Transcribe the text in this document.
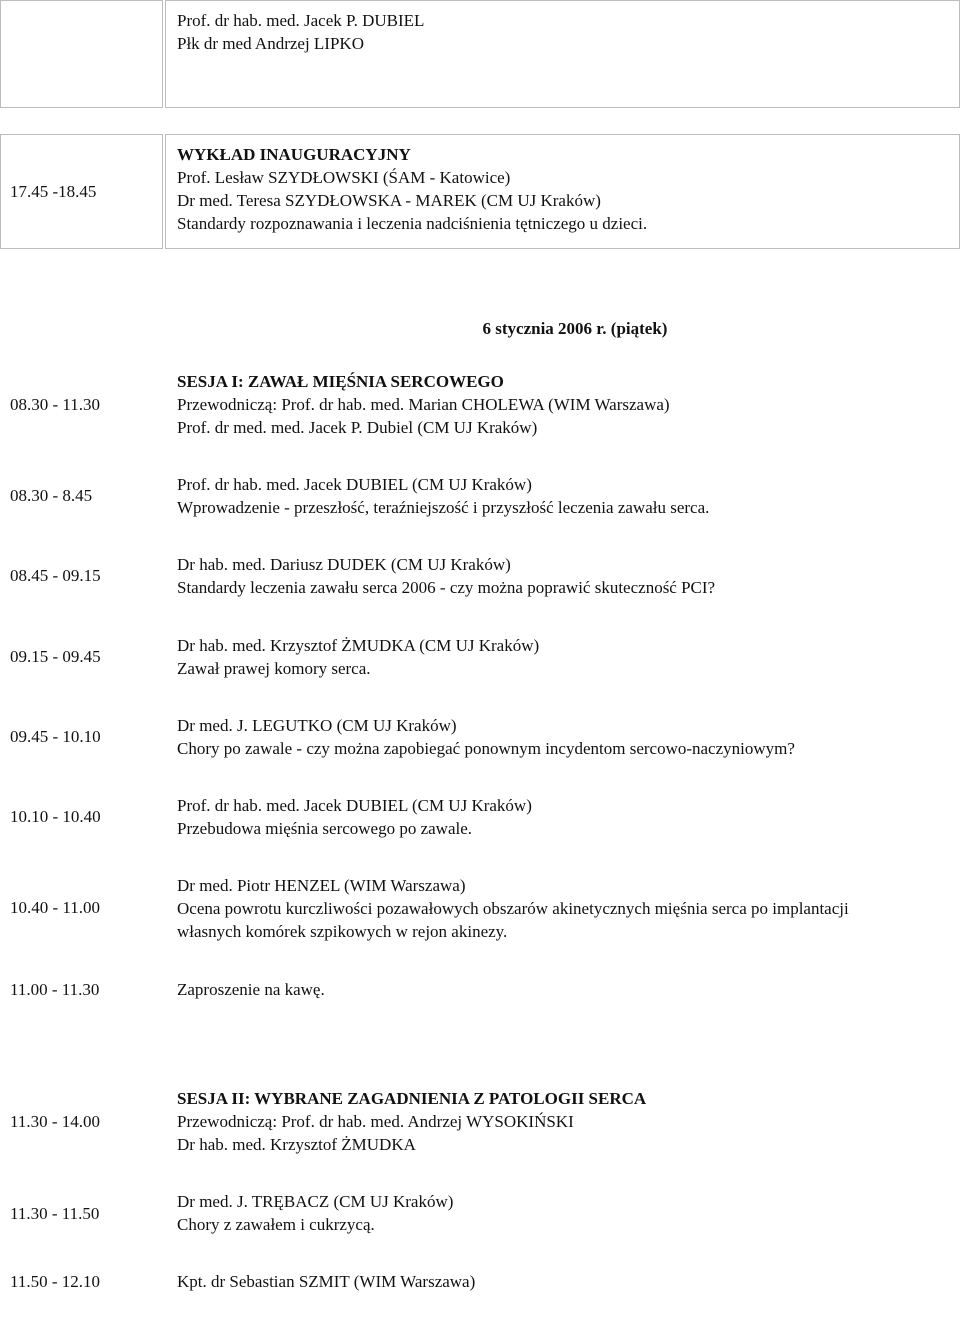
Prof. dr hab. med. Jacek P. DUBIEL
Płk dr med Andrzej LIPKO
17.45 -18.45
WYKŁAD INAUGURACYJNY
Prof. Lesław SZYDŁOWSKI (ŚAM - Katowice)
Dr med. Teresa SZYDŁOWSKA - MAREK (CM UJ Kraków)
Standardy rozpoznawania i leczenia nadciśnienia tętniczego u dzieci.
6 stycznia 2006 r. (piątek)
08.30 - 11.30
SESJA I: ZAWAŁ MIĘŚNIA SERCOWEGO
Przewodniczą: Prof. dr hab. med. Marian CHOLEWA (WIM Warszawa)
Prof. dr med. med. Jacek P. Dubiel (CM UJ Kraków)
08.30 - 8.45
Prof. dr hab. med. Jacek DUBIEL (CM UJ Kraków)
Wprowadzenie - przeszłość, teraźniejszość i przyszłość leczenia zawału serca.
08.45 - 09.15
Dr hab. med. Dariusz DUDEK (CM UJ Kraków)
Standardy leczenia zawału serca 2006 - czy można poprawić skuteczność PCI?
09.15 - 09.45
Dr hab. med. Krzysztof ŻMUDKA (CM UJ Kraków)
Zawał prawej komory serca.
09.45 - 10.10
Dr med. J. LEGUTKO (CM UJ Kraków)
Chory po zawale - czy można zapobiegać ponownym incydentom sercowo-naczyniowym?
10.10 - 10.40
Prof. dr hab. med. Jacek DUBIEL (CM UJ Kraków)
Przebudowa mięśnia sercowego po zawale.
10.40 - 11.00
Dr med. Piotr HENZEL (WIM Warszawa)
Ocena powrotu kurczliwości pozawałowych obszarów akinetycznych mięśnia serca po implantacji własnych komórek szpikowych w rejon akinezy.
11.00 - 11.30	Zaproszenie na kawę.
11.30 - 14.00
SESJA II: WYBRANE ZAGADNIENIA Z PATOLOGII SERCA
Przewodniczą: Prof. dr hab. med. Andrzej WYSOKIŃSKI
Dr hab. med. Krzysztof ŻMUDKA
11.30 - 11.50
Dr med. J. TRĘBACZ (CM UJ Kraków)
Chory z zawałem i cukrzycą.
11.50 - 12.10	Kpt. dr Sebastian SZMIT (WIM Warszawa)
